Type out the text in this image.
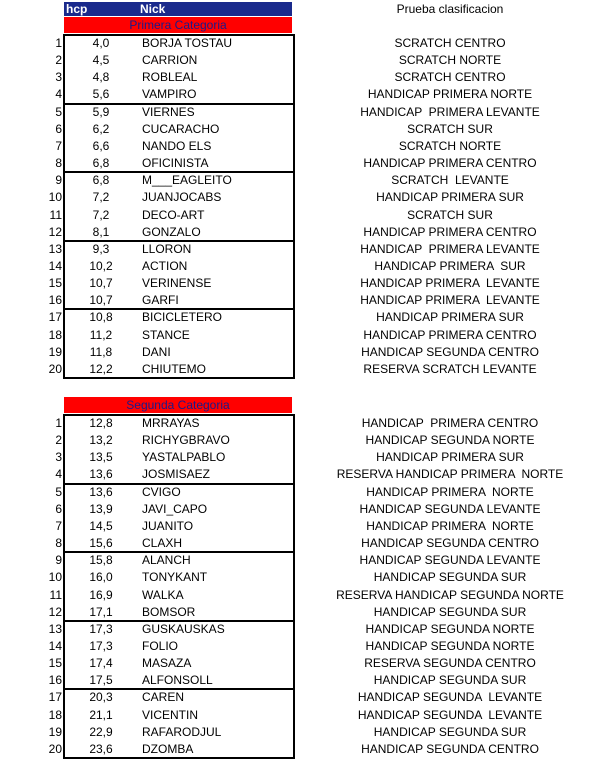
hcp	Nick	Prueba clasificacion
Primera Categoria
Segunda Categoria
1	4,0	BORJA TOSTAU	SCRATCH CENTRO
2	4,5	CARRION	SCRATCH NORTE
3	4,8	ROBLEAL	SCRATCH CENTRO
4	5,6	VAMPIRO	HANDICAP PRIMERA NORTE
5	5,9	VIERNES	HANDICAP  PRIMERA LEVANTE
6	6,2	CUCARACHO	SCRATCH SUR
7	6,6	NANDO ELS	SCRATCH NORTE
8	6,8	OFICINISTA	HANDICAP PRIMERA CENTRO
9	6,8	M___EAGLEITO	SCRATCH  LEVANTE
10	7,2	JUANJOCABS	HANDICAP PRIMERA SUR
11	7,2	DECO-ART	SCRATCH SUR
12	8,1	GONZALO	HANDICAP PRIMERA CENTRO
13	9,3	LLORON	HANDICAP  PRIMERA LEVANTE
14	10,2	ACTION	HANDICAP PRIMERA  SUR
15	10,7	VERINENSE	HANDICAP PRIMERA  LEVANTE
16	10,7	GARFI	HANDICAP PRIMERA  LEVANTE
17	10,8	BICICLETERO	HANDICAP PRIMERA SUR
18	11,2	STANCE	HANDICAP PRIMERA CENTRO
19	11,8	DANI	HANDICAP SEGUNDA CENTRO
20	12,2	CHIUTEMO	RESERVA SCRATCH LEVANTE
1	12,8	MRRAYAS	HANDICAP  PRIMERA CENTRO
2	13,2	RICHYGBRAVO	HANDICAP SEGUNDA NORTE
3	13,5	YASTALPABLO	HANDICAP PRIMERA SUR
4	13,6	JOSMISAEZ	RESERVA HANDICAP PRIMERA  NORTE
5	13,6	CVIGO	HANDICAP PRIMERA  NORTE
6	13,9	JAVI_CAPO	HANDICAP SEGUNDA LEVANTE
7	14,5	JUANITO	HANDICAP PRIMERA  NORTE
8	15,6	CLAXH	HANDICAP SEGUNDA CENTRO
9	15,8	ALANCH	HANDICAP SEGUNDA LEVANTE
10	16,0	TONYKANT	HANDICAP SEGUNDA SUR
11	16,9	WALKA	RESERVA HANDICAP SEGUNDA NORTE
12	17,1	BOMSOR	HANDICAP SEGUNDA SUR
13	17,3	GUSKAUSKAS	HANDICAP SEGUNDA NORTE
14	17,3	FOLIO	HANDICAP SEGUNDA NORTE
15	17,4	MASAZA	RESERVA SEGUNDA CENTRO
16	17,5	ALFONSOLL	HANDICAP SEGUNDA SUR
17	20,3	CAREN	HANDICAP SEGUNDA  LEVANTE
18	21,1	VICENTIN	HANDICAP SEGUNDA  LEVANTE
19	22,9	RAFARODJUL	HANDICAP SEGUNDA SUR
20	23,6	DZOMBA	HANDICAP SEGUNDA CENTRO
